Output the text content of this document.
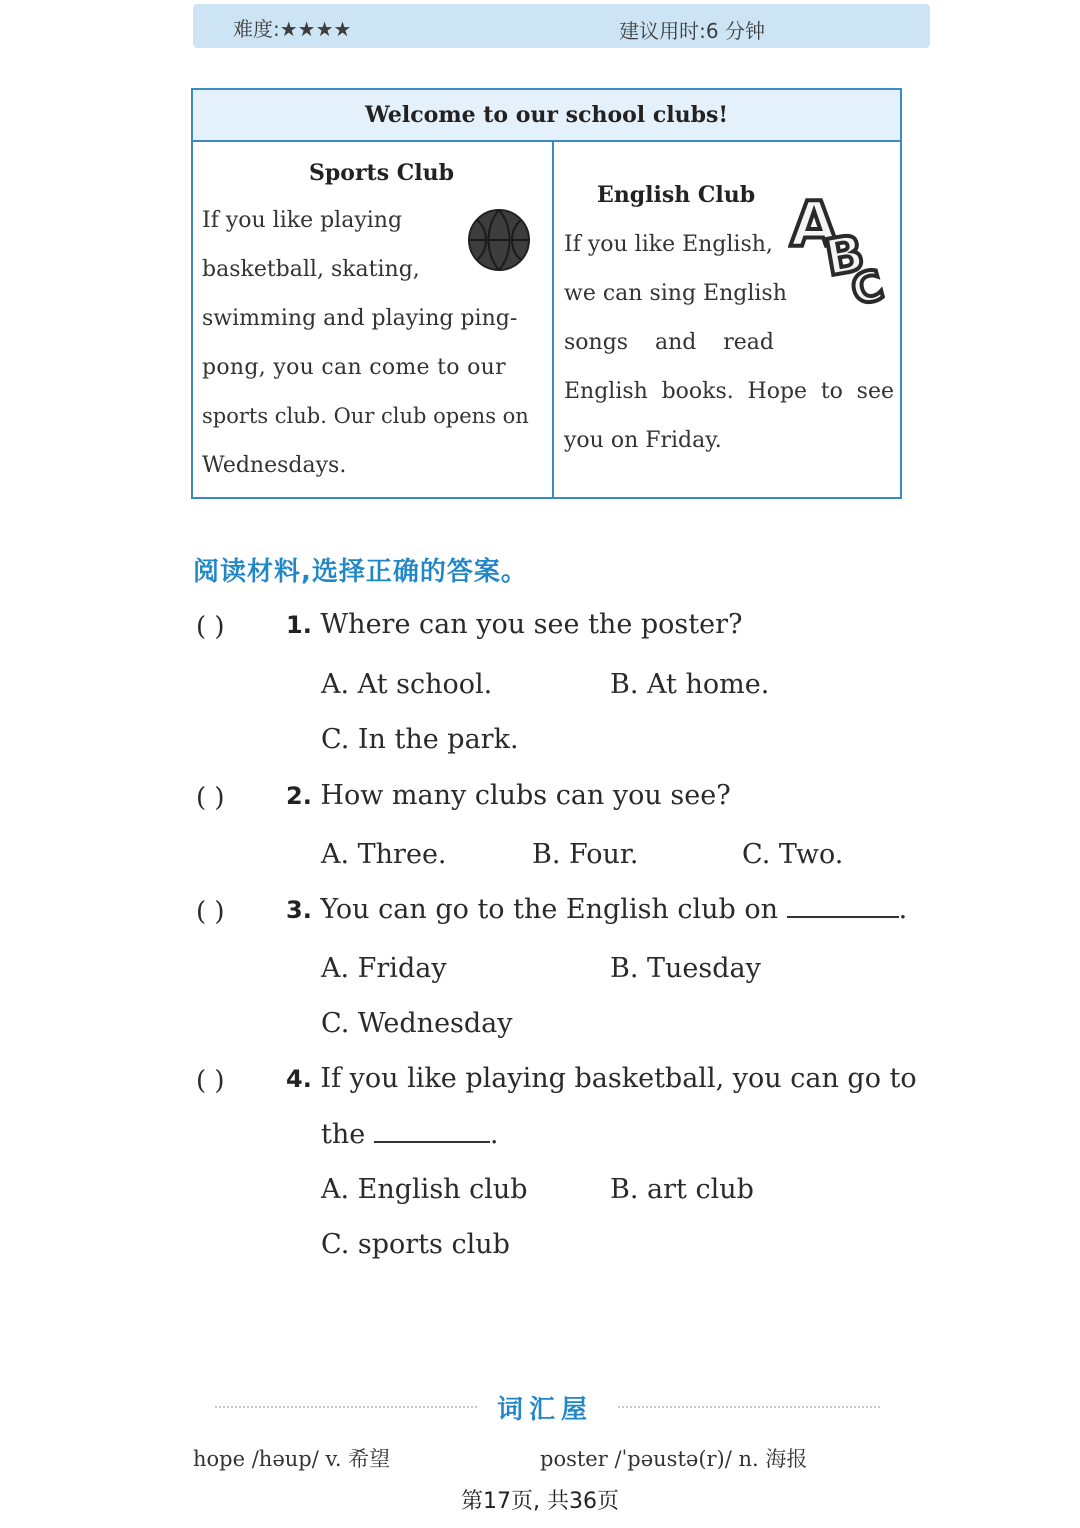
难度:★★★★	建议用时:6 分钟
Welcome to our school clubs!
Sports Club
If you like playing
basketball, skating,
swimming and playing ping-
pong, you can come to our
sports club. Our club opens on
Wednesdays.
English Club
If you like English,
we can sing English
songs and read
English books. Hope to see
you on Friday.
A
B
C
阅读材料,选择正确的答案。
( )	1. Where can you see the poster?
A. At school.	B. At home.
C. In the park.
( )	2. How many clubs can you see?
A. Three.	B. Four.	C. Two.
( )	3. You can go to the English club on	.
A. Friday	B. Tuesday
C. Wednesday
( )	4. If you like playing basketball, you can go to
the	.
A. English club	B. art club
C. sports club
词汇屋
hope /həup/ v. 希望	poster /ˈpəustə(r)/ n. 海报
第17页, 共36页
